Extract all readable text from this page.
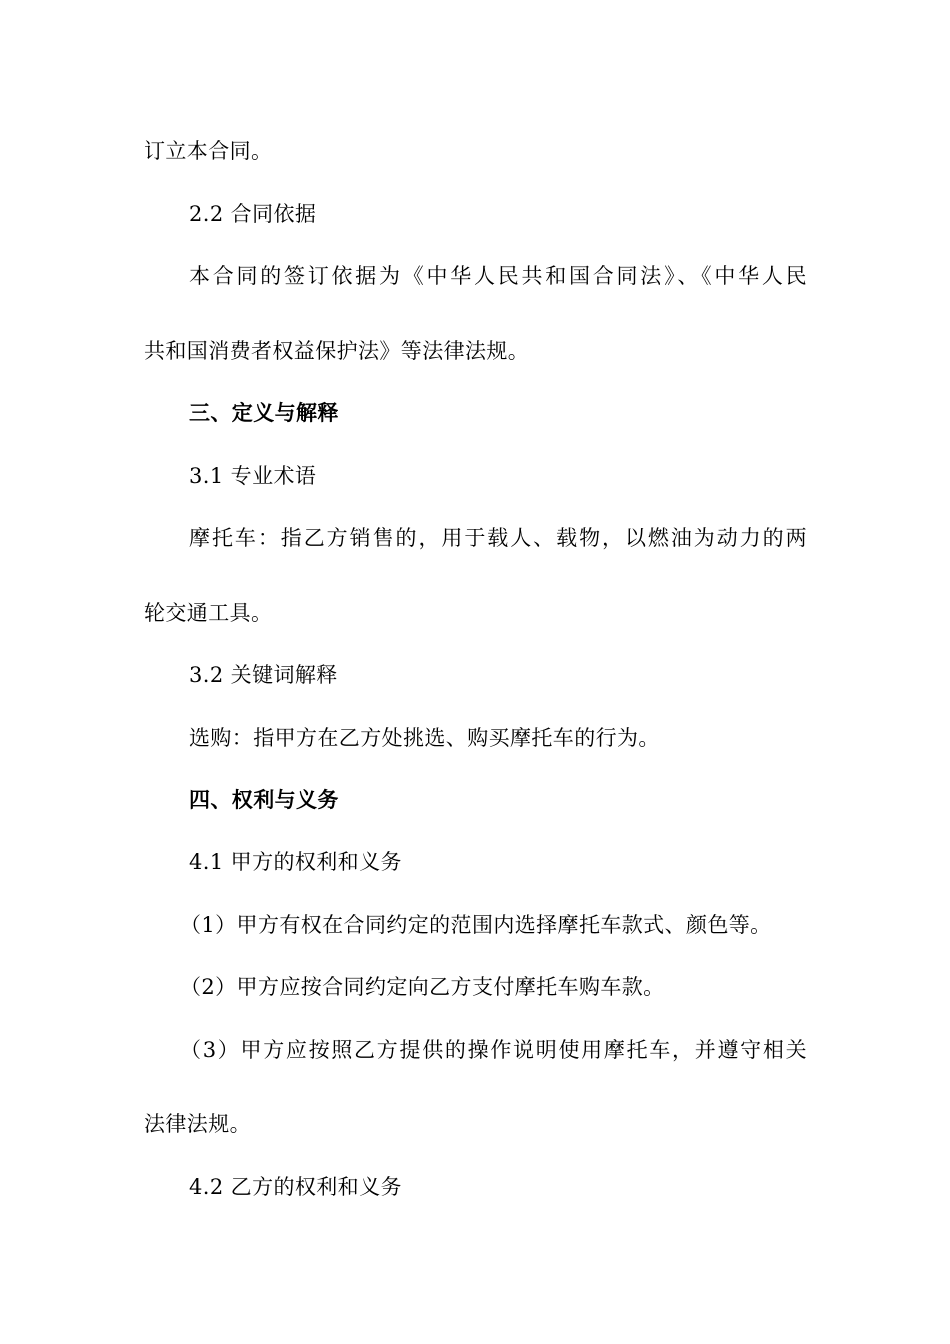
订立本合同。
2.2 合同依据
本合同的签订依据为《中华人民共和国合同法》、《中华人民
共和国消费者权益保护法》等法律法规。
三、定义与解释
3.1 专业术语
摩托车：指乙方销售的，用于载人、载物，以燃油为动力的两
轮交通工具。
3.2 关键词解释
选购：指甲方在乙方处挑选、购买摩托车的行为。
四、权利与义务
4.1 甲方的权利和义务
（1）甲方有权在合同约定的范围内选择摩托车款式、颜色等。
（2）甲方应按合同约定向乙方支付摩托车购车款。
（3）甲方应按照乙方提供的操作说明使用摩托车，并遵守相关
法律法规。
4.2 乙方的权利和义务
